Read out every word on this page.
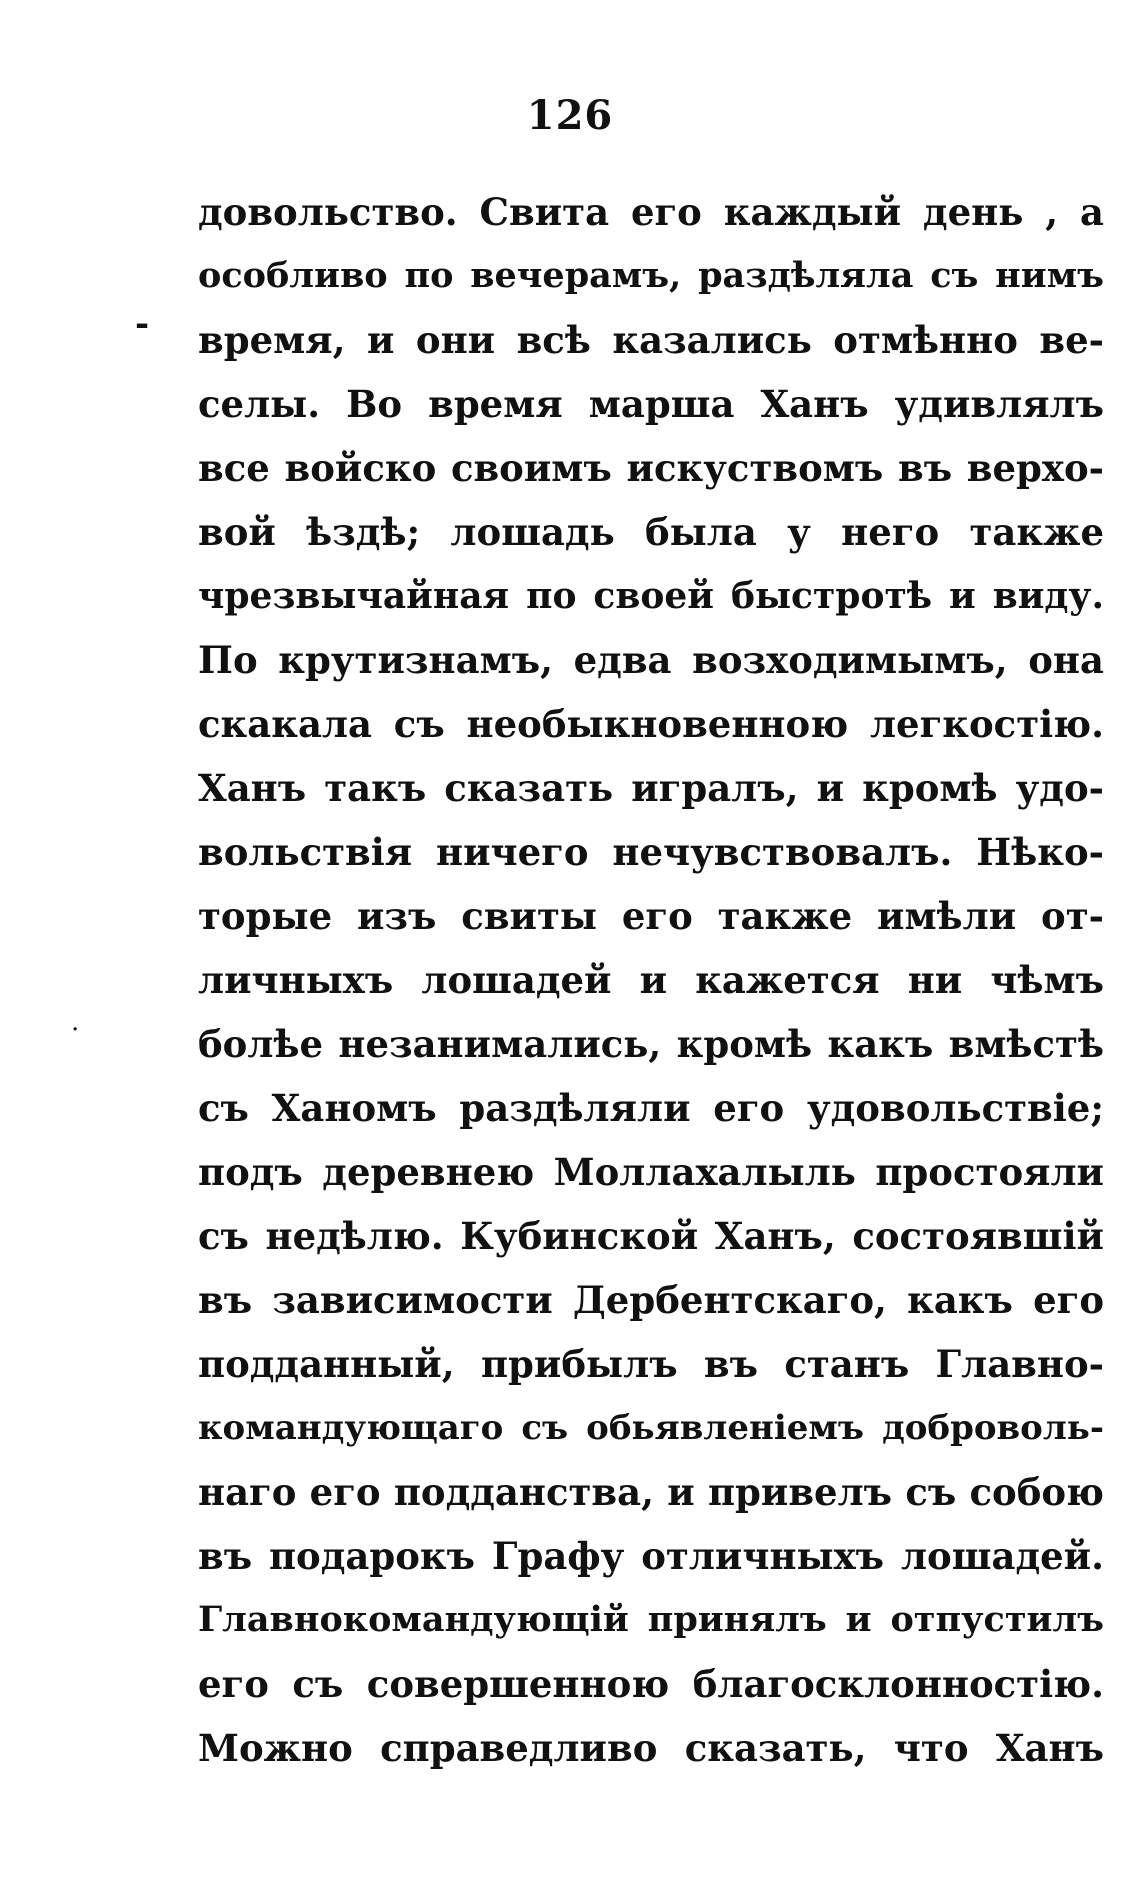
126
-
·
довольство. Свита его каждый день , а
особливо по вечерамъ, раздѣляла съ нимъ
время, и они всѣ казались отмѣнно ве-
селы. Во время марша Ханъ удивлялъ
все войско своимъ искуствомъ въ верхо-
вой ѣздѣ; лошадь была у него также
чрезвычайная по своей быстротѣ и виду.
По крутизнамъ, едва возходимымъ, она
скакала съ необыкновенною легкостію.
Ханъ такъ сказать игралъ, и кромѣ удо-
вольствія ничего нечувствовалъ. Нѣко-
торые изъ свиты его также имѣли от-
личныхъ лошадей и кажется ни чѣмъ
болѣе незанимались, кромѣ какъ вмѣстѣ
съ Ханомъ раздѣляли его удовольствіе;
подъ деревнею Моллахалыль простояли
съ недѣлю. Кубинской Ханъ, состоявшій
въ зависимости Дербентскаго, какъ его
подданный, прибылъ въ станъ Главно-
командующаго съ обьявленіемъ доброволь-
наго его подданства, и привелъ съ собою
въ подарокъ Графу отличныхъ лошадей.
Главнокомандующій принялъ и отпустилъ
его съ совершенною благосклонностію.
Можно справедливо сказать, что Ханъ
